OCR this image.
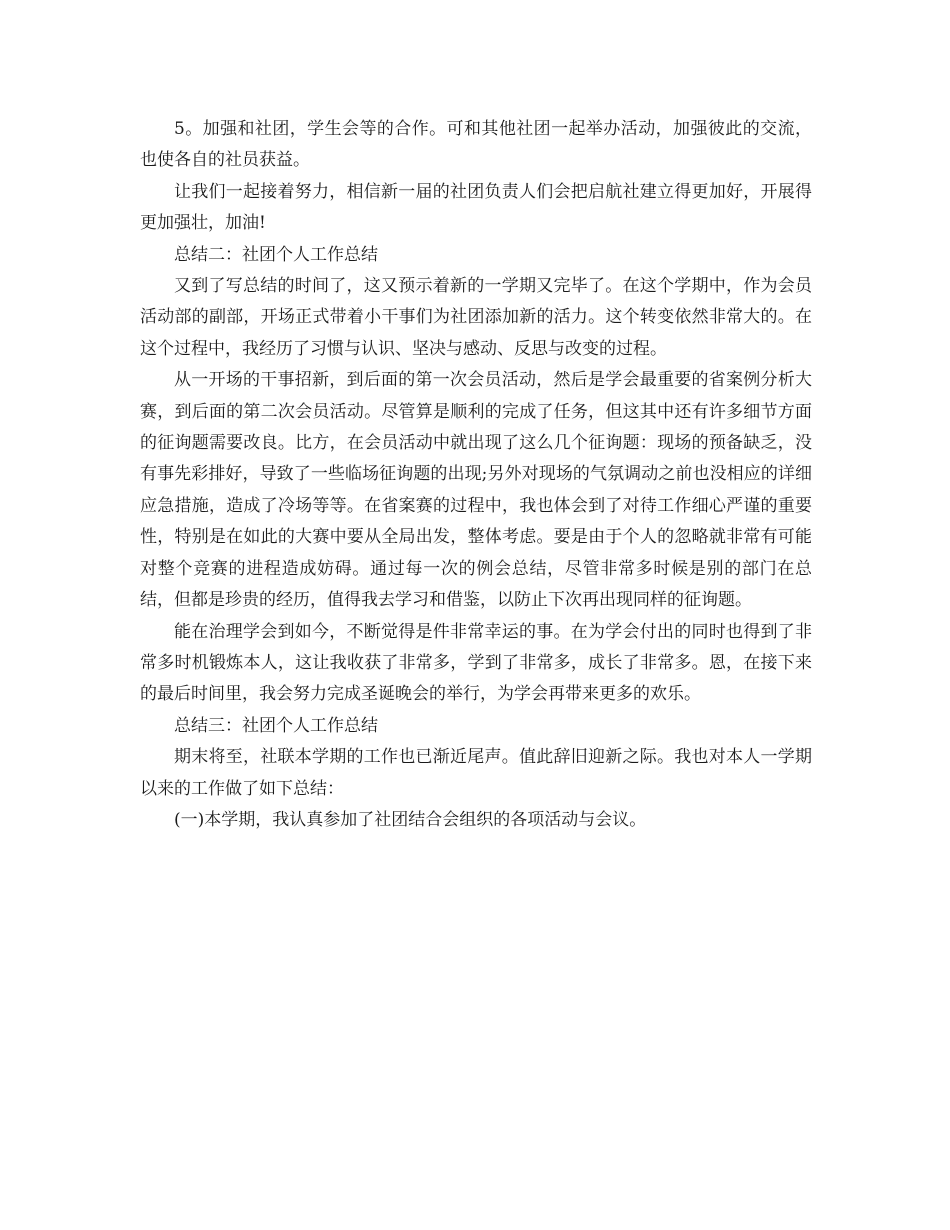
5。加强和社团，学生会等的合作。可和其他社团一起举办活动，加强彼此的交流，也使各自的社员获益。

让我们一起接着努力，相信新一届的社团负责人们会把启航社建立得更加好，开展得更加强壮，加油!

总结二：社团个人工作总结

又到了写总结的时间了，这又预示着新的一学期又完毕了。在这个学期中，作为会员活动部的副部，开场正式带着小干事们为社团添加新的活力。这个转变依然非常大的。在这个过程中，我经历了习惯与认识、坚决与感动、反思与改变的过程。

从一开场的干事招新，到后面的第一次会员活动，然后是学会最重要的省案例分析大赛，到后面的第二次会员活动。尽管算是顺利的完成了任务，但这其中还有许多细节方面的征询题需要改良。比方，在会员活动中就出现了这么几个征询题：现场的预备缺乏，没有事先彩排好，导致了一些临场征询题的出现;另外对现场的气氛调动之前也没相应的详细应急措施，造成了冷场等等。在省案赛的过程中，我也体会到了对待工作细心严谨的重要性，特别是在如此的大赛中要从全局出发，整体考虑。要是由于个人的忽略就非常有可能对整个竞赛的进程造成妨碍。通过每一次的例会总结，尽管非常多时候是别的部门在总结，但都是珍贵的经历，值得我去学习和借鉴，以防止下次再出现同样的征询题。

能在治理学会到如今，不断觉得是件非常幸运的事。在为学会付出的同时也得到了非常多时机锻炼本人，这让我收获了非常多，学到了非常多，成长了非常多。恩，在接下来的最后时间里，我会努力完成圣诞晚会的举行，为学会再带来更多的欢乐。

总结三：社团个人工作总结

期末将至，社联本学期的工作也已渐近尾声。值此辞旧迎新之际。我也对本人一学期以来的工作做了如下总结：

(一)本学期，我认真参加了社团结合会组织的各项活动与会议。
